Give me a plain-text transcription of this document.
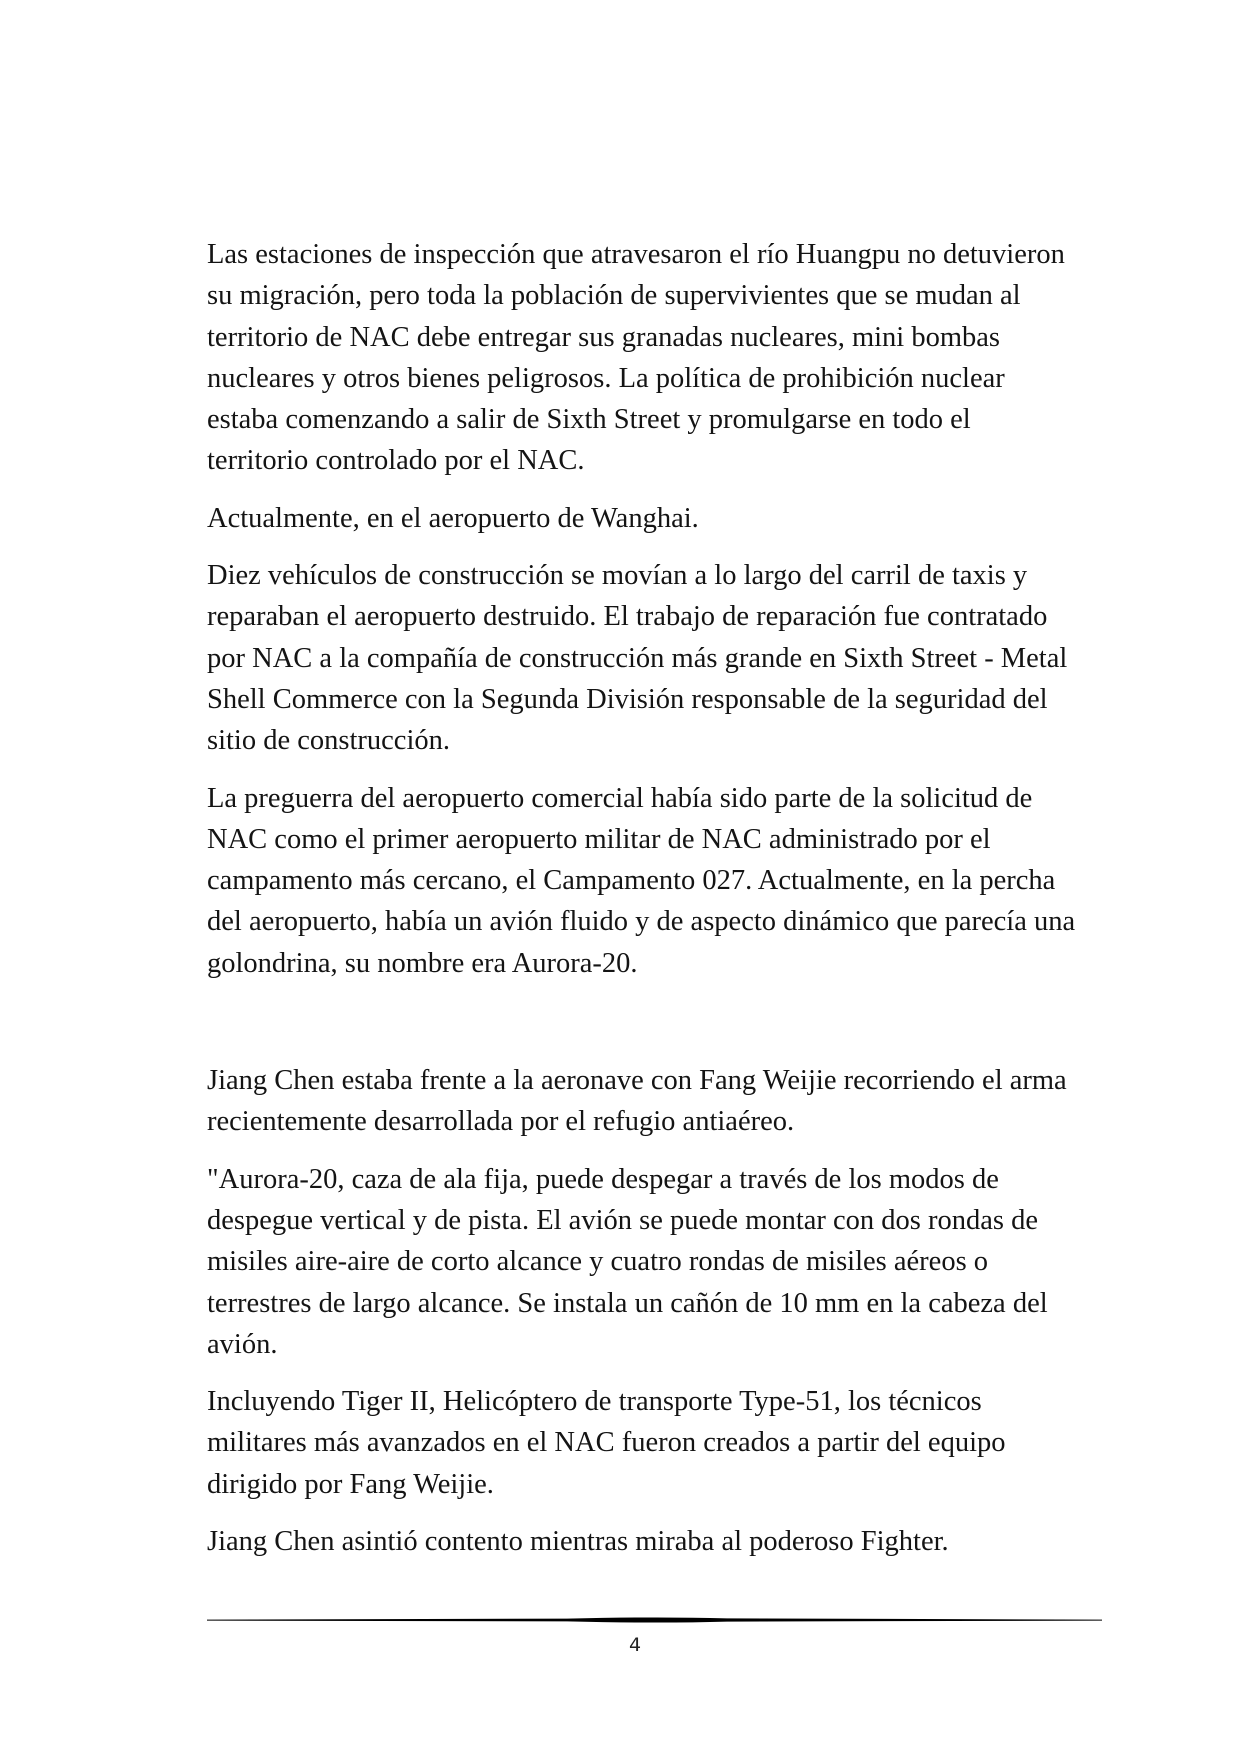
Las estaciones de inspección que atravesaron el río Huangpu no detuvieron su migración, pero toda la población de supervivientes que se mudan al territorio de NAC debe entregar sus granadas nucleares, mini bombas nucleares y otros bienes peligrosos. La política de prohibición nuclear estaba comenzando a salir de Sixth Street y promulgarse en todo el territorio controlado por el NAC.

Actualmente, en el aeropuerto de Wanghai.

Diez vehículos de construcción se movían a lo largo del carril de taxis y reparaban el aeropuerto destruido. El trabajo de reparación fue contratado por NAC a la compañía de construcción más grande en Sixth Street - Metal Shell Commerce con la Segunda División responsable de la seguridad del sitio de construcción.

La preguerra del aeropuerto comercial había sido parte de la solicitud de NAC como el primer aeropuerto militar de NAC administrado por el campamento más cercano, el Campamento 027. Actualmente, en la percha del aeropuerto, había un avión fluido y de aspecto dinámico que parecía una golondrina, su nombre era Aurora-20.

Jiang Chen estaba frente a la aeronave con Fang Weijie recorriendo el arma recientemente desarrollada por el refugio antiaéreo.

"Aurora-20, caza de ala fija, puede despegar a través de los modos de despegue vertical y de pista. El avión se puede montar con dos rondas de misiles aire-aire de corto alcance y cuatro rondas de misiles aéreos o terrestres de largo alcance. Se instala un cañón de 10 mm en la cabeza del avión.

Incluyendo Tiger II, Helicóptero de transporte Type-51, los técnicos militares más avanzados en el NAC fueron creados a partir del equipo dirigido por Fang Weijie.

Jiang Chen asintió contento mientras miraba al poderoso Fighter.

4
